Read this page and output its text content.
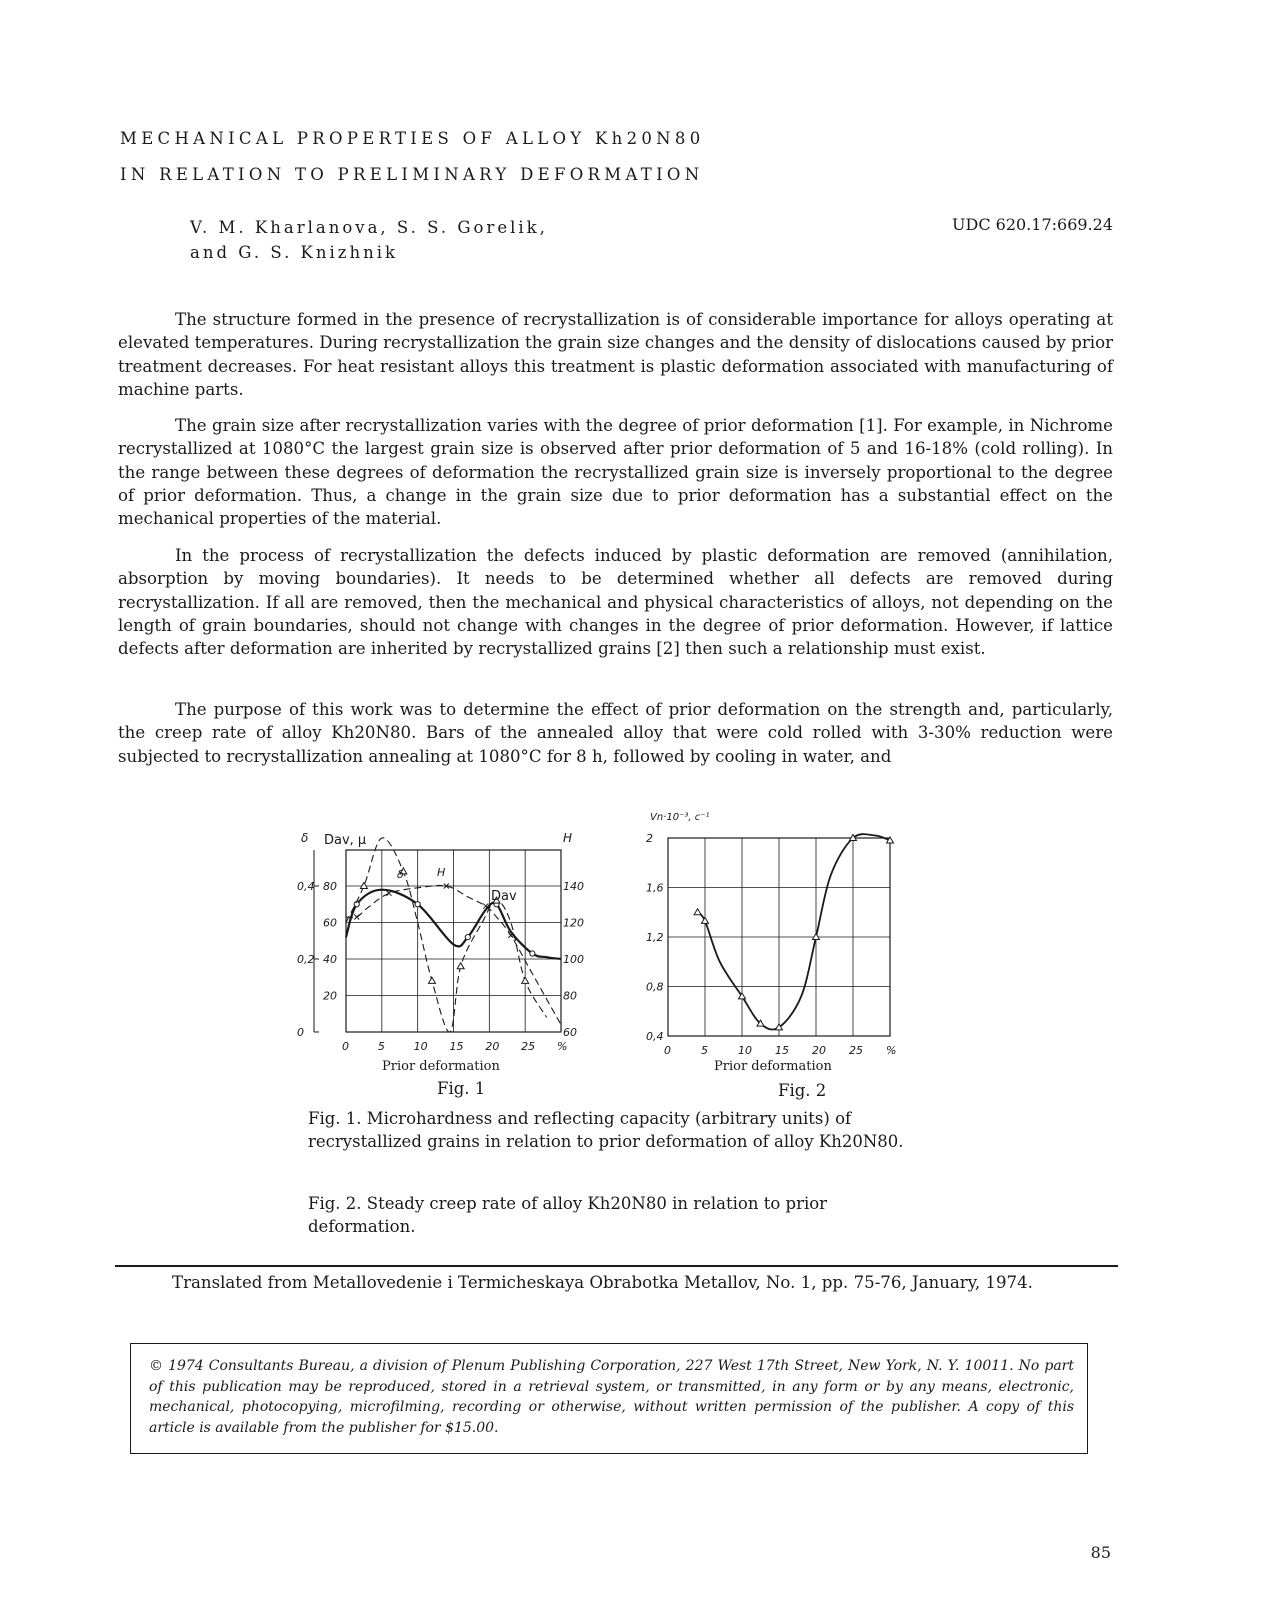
MECHANICAL PROPERTIES OF ALLOY Kh20N80
IN RELATION TO PRELIMINARY DEFORMATION
V. M. Kharlanova, S. S. Gorelik,
and G. S. Knizhnik
UDC 620.17:669.24

The structure formed in the presence of recrystallization is of considerable importance for alloys operating at elevated temperatures. During recrystallization the grain size changes and the density of dislocations caused by prior treatment decreases. For heat resistant alloys this treatment is plastic deformation associated with manufacturing of machine parts.

The grain size after recrystallization varies with the degree of prior deformation [1]. For example, in Nichrome recrystallized at 1080°C the largest grain size is observed after prior deformation of 5 and 16-18% (cold rolling). In the range between these degrees of deformation the recrystallized grain size is inversely proportional to the degree of prior deformation. Thus, a change in the grain size due to prior deformation has a substantial effect on the mechanical properties of the material.

In the process of recrystallization the defects induced by plastic deformation are removed (annihilation, absorption by moving boundaries). It needs to be determined whether all defects are removed during recrystallization. If all are removed, then the mechanical and physical characteristics of alloys, not depending on the length of grain boundaries, should not change with changes in the degree of prior deformation. However, if lattice defects after deformation are inherited by recrystallized grains [2] then such a relationship must exist.

The purpose of this work was to determine the effect of prior deformation on the strength and, particularly, the creep rate of alloy Kh20N80. Bars of the annealed alloy that were cold rolled with 3-30% reduction were subjected to recrystallization annealing at 1080°C for 8 h, followed by cooling in water, and

0	5	10 15 20 25 %
0,4
0,2
0
80
60
40
20
140
120
100
80
60
δ Dav, μ	H
δ	H
Dav
Prior deformation
Fig. 1
2
1,6
1,2
0,8
0,4
0	5	10 15 20 25 %
Vn·10⁻³, c⁻¹
Prior deformation
Fig. 2

Fig. 1. Microhardness and reflecting capacity (arbitrary units) of recrystallized grains in relation to prior deformation of alloy Kh20N80.

Fig. 2. Steady creep rate of alloy Kh20N80 in relation to prior deformation.

Translated from Metallovedenie i Termicheskaya Obrabotka Metallov, No. 1, pp. 75-76, January, 1974.

© 1974 Consultants Bureau, a division of Plenum Publishing Corporation, 227 West 17th Street, New York, N. Y. 10011. No part of this publication may be reproduced, stored in a retrieval system, or transmitted, in any form or by any means, electronic, mechanical, photocopying, microfilming, recording or otherwise, without written permission of the publisher. A copy of this article is available from the publisher for $15.00.

85
